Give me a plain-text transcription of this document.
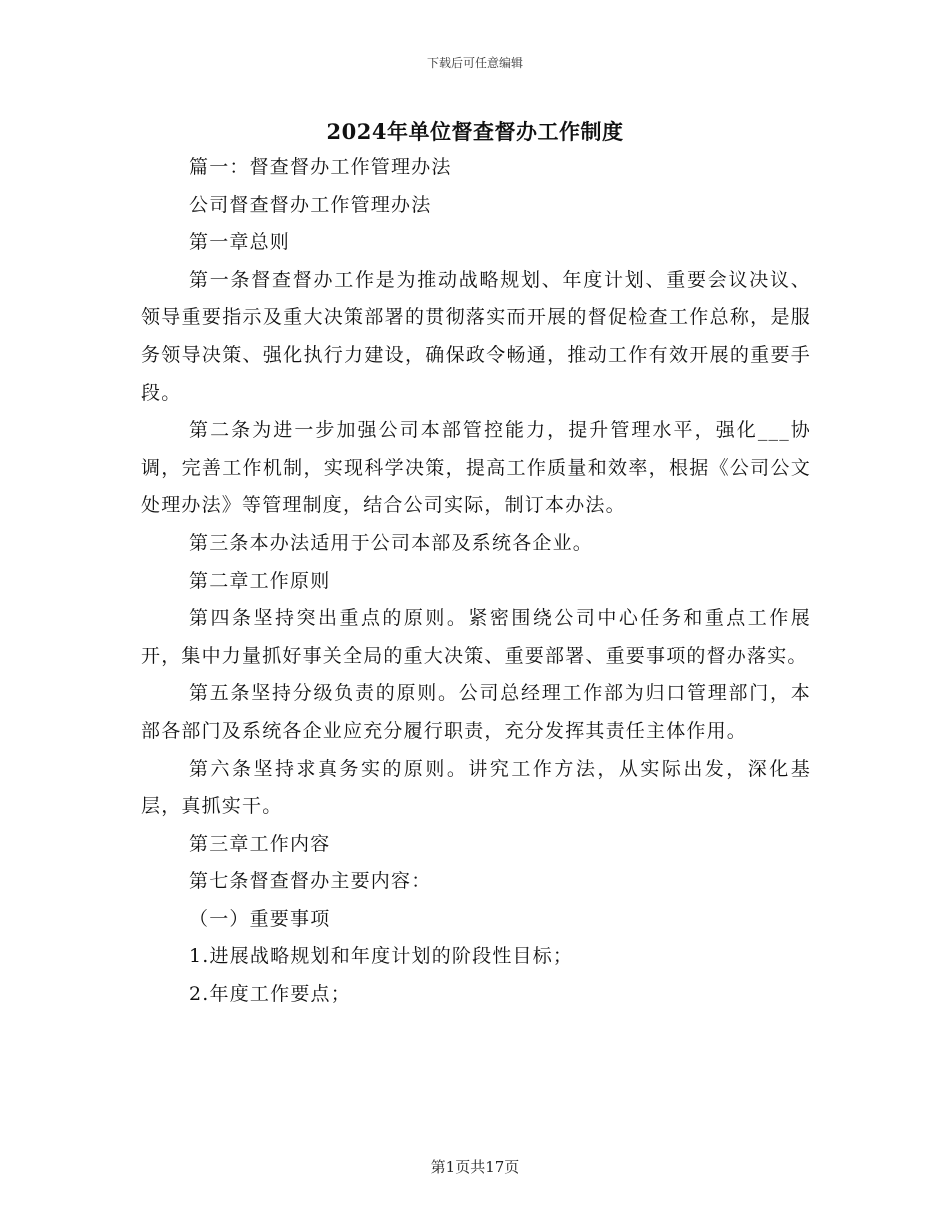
下载后可任意编辑
2024年单位督查督办工作制度

篇一：督查督办工作管理办法

公司督查督办工作管理办法

第一章总则

第一条督查督办工作是为推动战略规划、年度计划、重要会议决议、领导重要指示及重大决策部署的贯彻落实而开展的督促检查工作总称，是服务领导决策、强化执行力建设，确保政令畅通，推动工作有效开展的重要手段。

第二条为进一步加强公司本部管控能力，提升管理水平，强化___协调，完善工作机制，实现科学决策，提高工作质量和效率，根据《公司公文处理办法》等管理制度，结合公司实际，制订本办法。

第三条本办法适用于公司本部及系统各企业。

第二章工作原则

第四条坚持突出重点的原则。紧密围绕公司中心任务和重点工作展开，集中力量抓好事关全局的重大决策、重要部署、重要事项的督办落实。

第五条坚持分级负责的原则。公司总经理工作部为归口管理部门，本部各部门及系统各企业应充分履行职责，充分发挥其责任主体作用。

第六条坚持求真务实的原则。讲究工作方法，从实际出发，深化基层，真抓实干。

第三章工作内容

第七条督查督办主要内容：

（一）重要事项

1.进展战略规划和年度计划的阶段性目标；

2.年度工作要点；

第1页共17页
